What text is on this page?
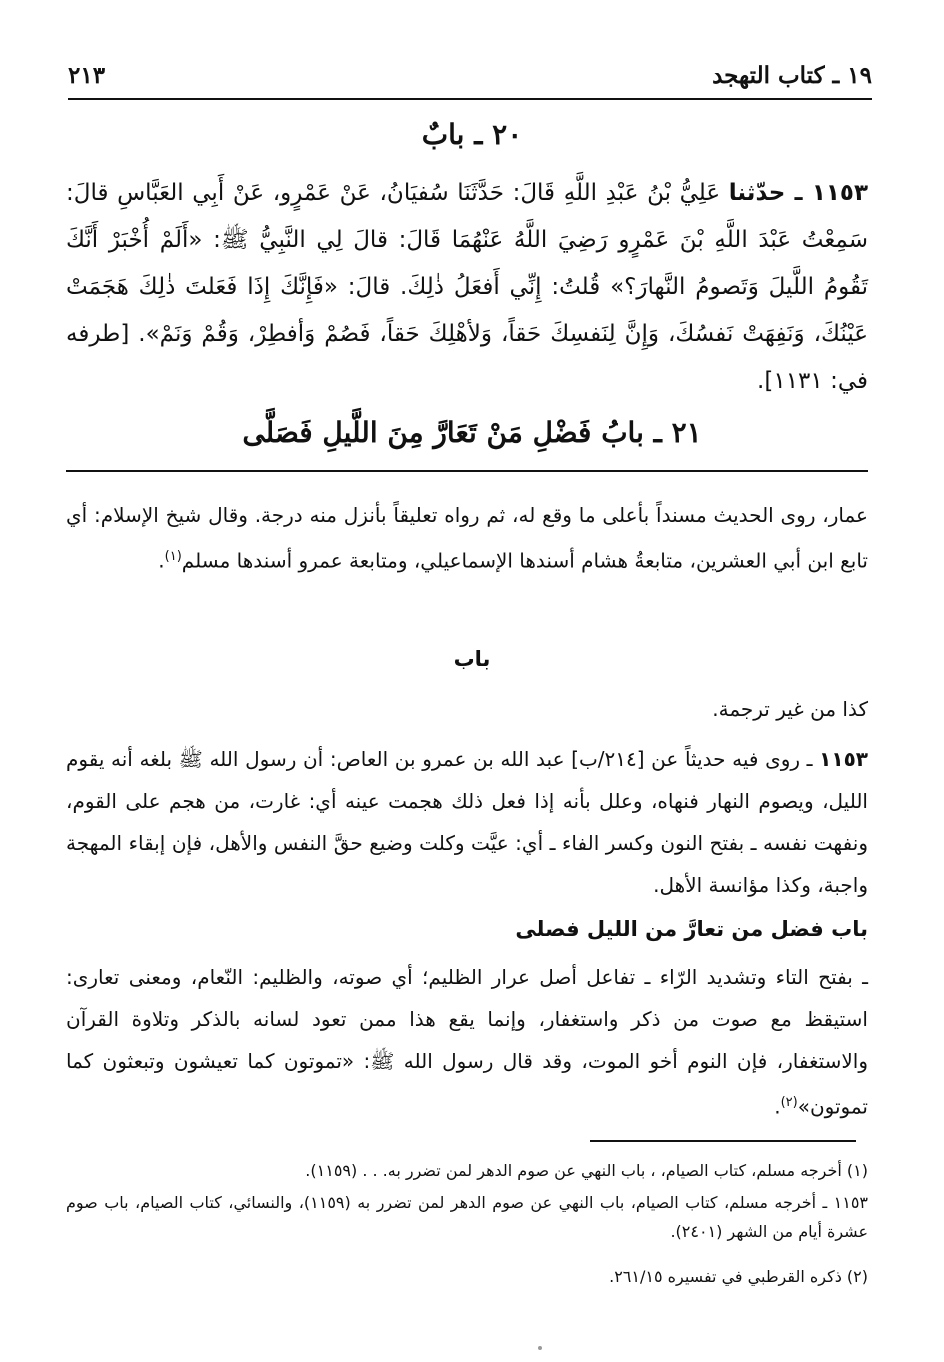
١٩ ـ كتاب التهجد
٢١٣
٢٠ ـ بابٌ
١١٥٣ ـ حدّثنا عَلِيُّ بْنُ عَبْدِ اللَّهِ قَالَ: حَدَّثَنَا سُفيَانُ، عَنْ عَمْرٍو، عَنْ أَبِي العَبَّاسِ قالَ: سَمِعْتُ عَبْدَ اللَّهِ بْنَ عَمْرٍو رَضِيَ اللَّهُ عَنْهُمَا قَالَ: قالَ لِي النَّبِيُّ ﷺ: «أَلَمْ أُخْبَرْ أَنَّكَ تَقُومُ اللَّيلَ وَتَصومُ النَّهارَ؟» قُلتُ: إِنِّي أَفعَلُ ذٰلِكَ. قالَ: «فَإِنَّكَ إِذَا فَعَلتَ ذٰلِكَ هَجَمَتْ عَيْنُكَ، وَنَفِهَتْ نَفسُكَ، وَإِنَّ لِنَفسِكَ حَقاً، وَلأهْلِكَ حَقاً، فَصُمْ وَأفطِرْ، وَقُمْ وَنَمْ». [طرفه في: ١١٣١].
٢١ ـ بابُ فَضْلِ مَنْ تَعَارَّ مِنَ اللَّيلِ فَصَلَّى
عمار، روى الحديث مسنداً بأعلى ما وقع له، ثم رواه تعليقاً بأنزل منه درجة. وقال شيخ الإسلام: أي تابع ابن أبي العشرين، متابعةُ هشام أسندها الإسماعيلي، ومتابعة عمرو أسندها مسلم$^{(١)}$.
باب
كذا من غير ترجمة.
١١٥٣ ـ روى فيه حديثاً عن [٢١٤/ب] عبد الله بن عمرو بن العاص: أن رسول الله ﷺ بلغه أنه يقوم الليل، ويصوم النهار فنهاه، وعلل بأنه إذا فعل ذلك هجمت عينه أي: غارت، من هجم على القوم، ونفهت نفسه ـ بفتح النون وكسر الفاء ـ أي: عيَّت وكلت وضيع حقَّ النفس والأهل، فإن إبقاء المهجة واجبة، وكذا مؤانسة الأهل.
باب فضل من تعارَّ من الليل فصلى
ـ بفتح التاء وتشديد الرّاء ـ تفاعل أصل عرار الظليم؛ أي صوته، والظليم: النّعام، ومعنى تعارى: استيقظ مع صوت من ذكر واستغفار، وإنما يقع هذا ممن تعود لسانه بالذكر وتلاوة القرآن والاستغفار، فإن النوم أخو الموت، وقد قال رسول الله ﷺ: «تموتون كما تعيشون وتبعثون كما تموتون»$^{(٢)}$.
(١) أخرجه مسلم، كتاب الصيام، ، باب النهي عن صوم الدهر لمن تضرر به. . . (١١٥٩).
١١٥٣ ـ أخرجه مسلم، كتاب الصيام، باب النهي عن صوم الدهر لمن تضرر به (١١٥٩)، والنسائي، كتاب الصيام، باب صوم عشرة أيام من الشهر (٢٤٠١).
(٢) ذكره القرطبي في تفسيره ٢٦١/١٥.
